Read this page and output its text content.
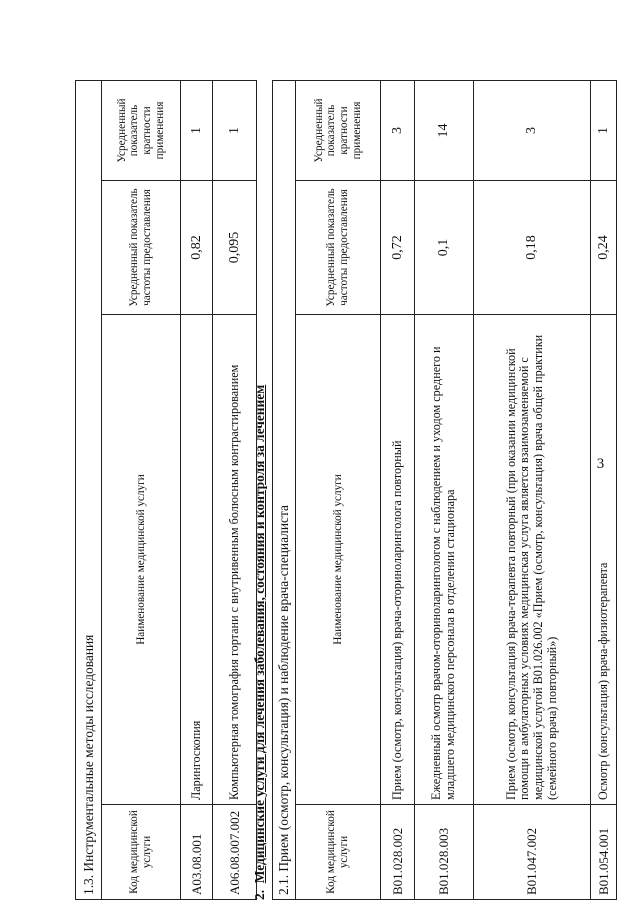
3
1.3. Инструментальные методы исследования			
Код медицинской услуги	Наименование медицинской услуги	Усредненный показатель частоты предоставления	Усредненный показатель кратности применения
A03.08.001	Ларингоскопия	0,82	1
A06.08.007.002	Компьютерная томография гортани с внутривенным болюсным контрастированием	0,095	1
2.  Медицинские услуги для лечения заболевания, состояния и контроля за лечением 2.1. Прием (осмотр, консультация) и наблюдение врача-специалиста			
Код медицинской услуги	Наименование медицинской услуги	Усредненный показатель частоты предоставления	Усредненный показатель кратности применения
B01.028.002	Прием (осмотр, консультация) врача-оториноларинголога повторный	0,72	3
B01.028.003	Ежедневный осмотр врачом-оториноларингологом с наблюдением и уходом среднего и младшего медицинского персонала в отделении стационара	0,1	14
B01.047.002	Прием (осмотр, консультация) врача-терапевта повторный (при оказании медицинской помощи в амбулаторных условиях медицинская услуга является взаимозаменяемой с медицинской услугой B01.026.002 «Прием (осмотр, консультация) врача общей практики (семейного врача) повторный»)	0,18	3
B01.054.001	Осмотр (консультация) врача-физиотерапевта	0,24	1
